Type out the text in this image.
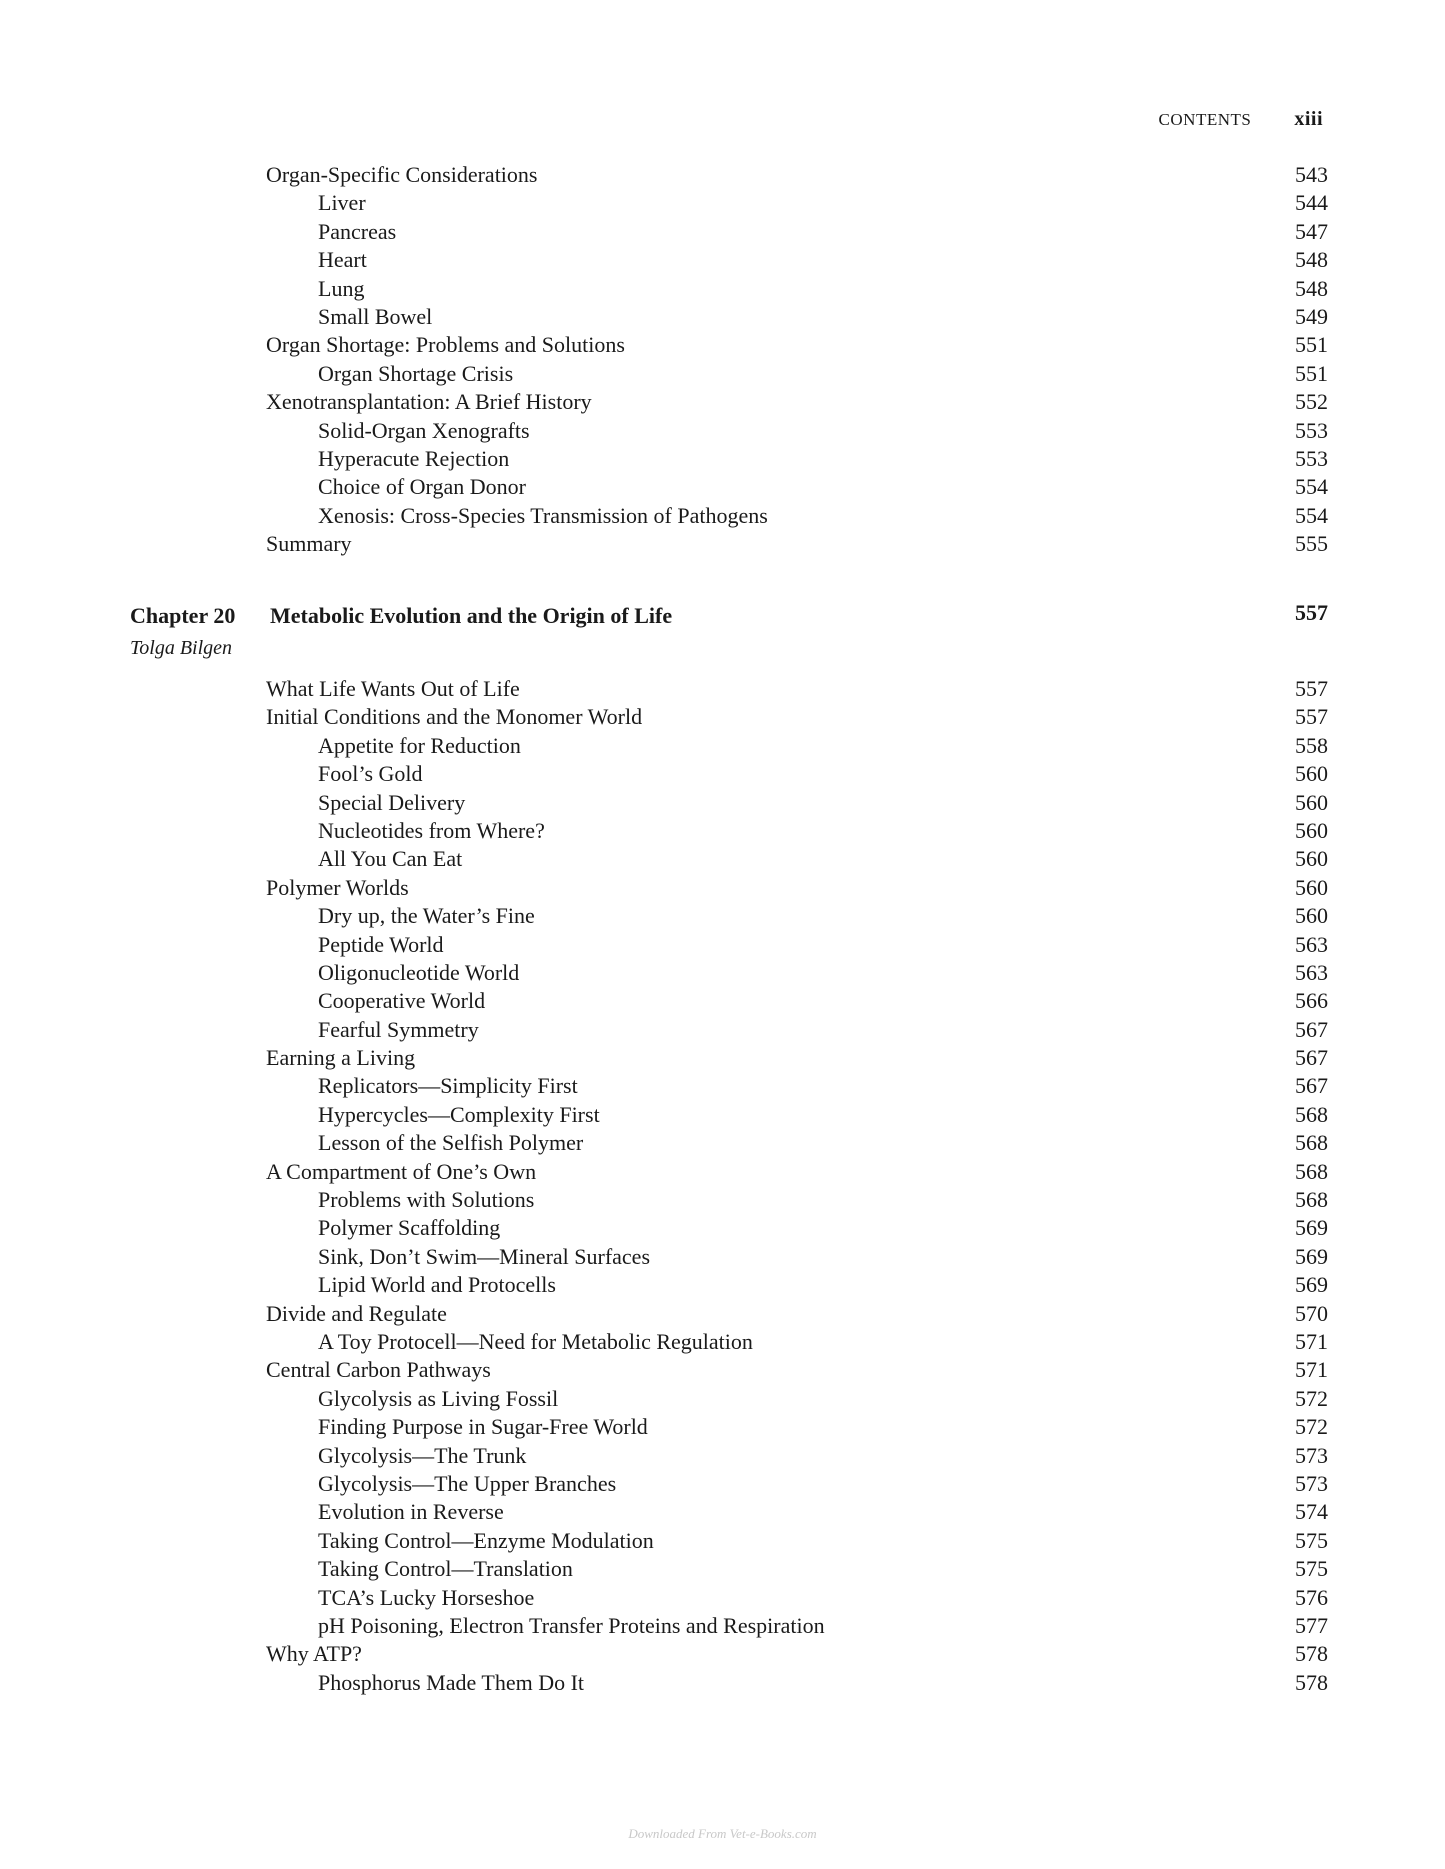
CONTENTS xiii
Organ-Specific Considerations	543
Liver	544
Pancreas	547
Heart	548
Lung	548
Small Bowel	549
Organ Shortage: Problems and Solutions	551
Organ Shortage Crisis	551
Xenotransplantation: A Brief History	552
Solid-Organ Xenografts	553
Hyperacute Rejection	553
Choice of Organ Donor	554
Xenosis: Cross-Species Transmission of Pathogens	554
Summary	555
Chapter 20
Tolga Bilgen
Metabolic Evolution and the Origin of Life	557
What Life Wants Out of Life	557
Initial Conditions and the Monomer World	557
Appetite for Reduction	558
Fool’s Gold	560
Special Delivery	560
Nucleotides from Where?	560
All You Can Eat	560
Polymer Worlds	560
Dry up, the Water’s Fine	560
Peptide World	563
Oligonucleotide World	563
Cooperative World	566
Fearful Symmetry	567
Earning a Living	567
Replicators—Simplicity First	567
Hypercycles—Complexity First	568
Lesson of the Selfish Polymer	568
A Compartment of One’s Own	568
Problems with Solutions	568
Polymer Scaffolding	569
Sink, Don’t Swim—Mineral Surfaces	569
Lipid World and Protocells	569
Divide and Regulate	570
A Toy Protocell—Need for Metabolic Regulation	571
Central Carbon Pathways	571
Glycolysis as Living Fossil	572
Finding Purpose in Sugar-Free World	572
Glycolysis—The Trunk	573
Glycolysis—The Upper Branches	573
Evolution in Reverse	574
Taking Control—Enzyme Modulation	575
Taking Control—Translation	575
TCA’s Lucky Horseshoe	576
pH Poisoning, Electron Transfer Proteins and Respiration	577
Why ATP?	578
Phosphorus Made Them Do It	578
Downloaded From Vet-e-Books.com
